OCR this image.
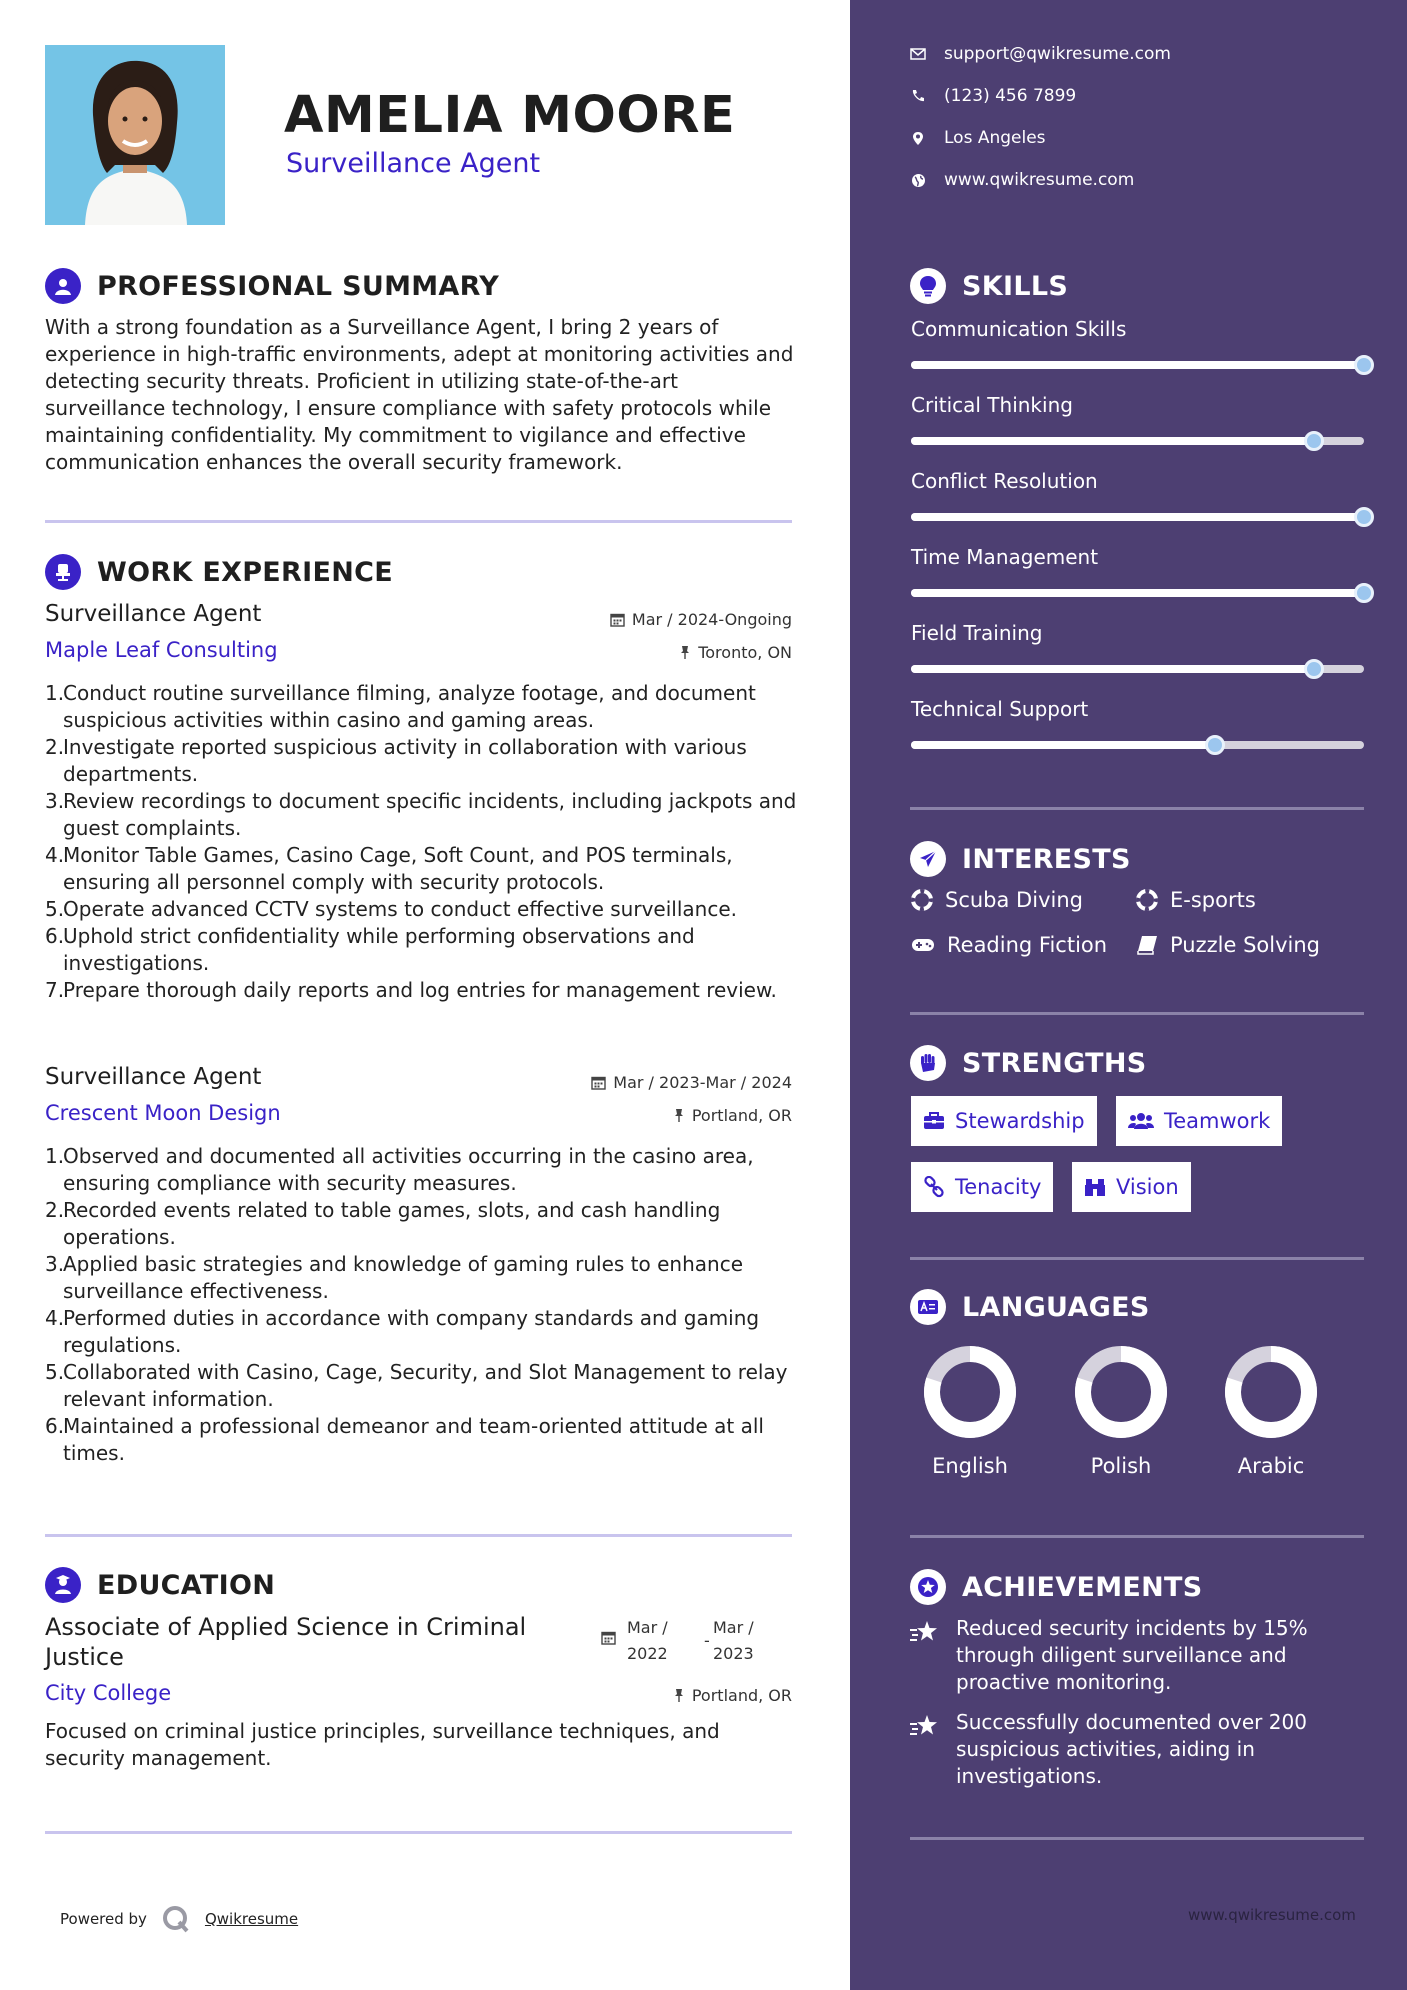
AMELIA MOORE
Surveillance Agent
PROFESSIONAL SUMMARY
With a strong foundation as a Surveillance Agent, I bring 2 years of experience in high-traffic environments, adept at monitoring activities and detecting security threats. Proficient in utilizing state-of-the-art surveillance technology, I ensure compliance with safety protocols while maintaining confidentiality. My commitment to vigilance and effective communication enhances the overall security framework.
WORK EXPERIENCE
Surveillance Agent	Mar / 2024-Ongoing
Maple Leaf Consulting	Toronto, ON
1.
Conduct routine surveillance filming, analyze footage, and document suspicious activities within casino and gaming areas.
2.
Investigate reported suspicious activity in collaboration with various departments.
3.
Review recordings to document specific incidents, including jackpots and guest complaints.
4.
Monitor Table Games, Casino Cage, Soft Count, and POS terminals, ensuring all personnel comply with security protocols.
5.
Operate advanced CCTV systems to conduct effective surveillance.
6.
Uphold strict confidentiality while performing observations and investigations.
7.
Prepare thorough daily reports and log entries for management review.
Surveillance Agent	Mar / 2023-Mar / 2024
Crescent Moon Design	Portland, OR
1.
Observed and documented all activities occurring in the casino area, ensuring compliance with security measures.
2.
Recorded events related to table games, slots, and cash handling operations.
3.
Applied basic strategies and knowledge of gaming rules to enhance surveillance effectiveness.
4.
Performed duties in accordance with company standards and gaming regulations.
5.
Collaborated with Casino, Cage, Security, and Slot Management to relay relevant information.
6.
Maintained a professional demeanor and team-oriented attitude at all times.
EDUCATION
Associate of Applied Science in Criminal Justice
Mar /
2022
-
Mar /
2023
City College	Portland, OR
Focused on criminal justice principles, surveillance techniques, and security management.
Powered by	Qwikresume
support@qwikresume.com
(123) 456 7899
Los Angeles
www.qwikresume.com
SKILLS
Communication Skills
Critical Thinking
Conflict Resolution
Time Management
Field Training
Technical Support
INTERESTS
Scuba Diving	E-sports
Reading Fiction	Puzzle Solving
STRENGTHS
Stewardship	Teamwork
Tenacity	Vision
LANGUAGES
English	Polish	Arabic
ACHIEVEMENTS
Reduced security incidents by 15% through diligent surveillance and proactive monitoring.
Successfully documented over 200 suspicious activities, aiding in investigations.
www.qwikresume.com
